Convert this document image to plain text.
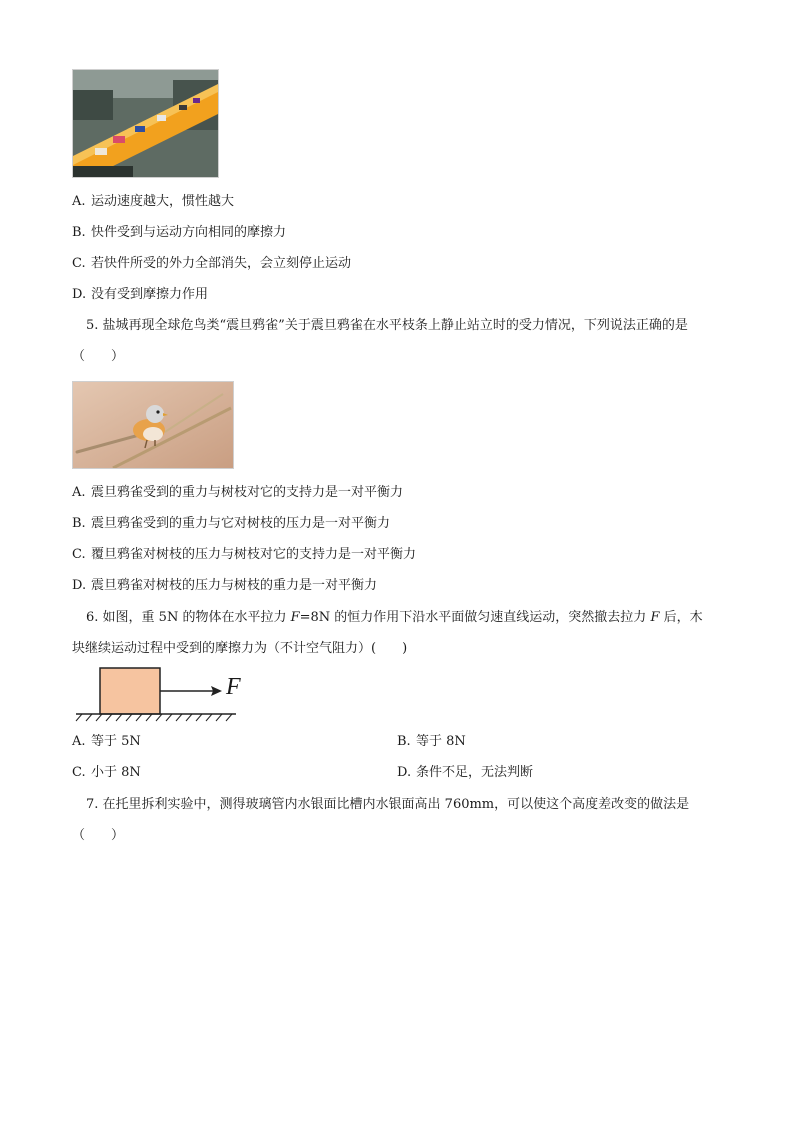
A. 运动速度越大，惯性越大
B. 快件受到与运动方向相同的摩擦力
C. 若快件所受的外力全部消失，会立刻停止运动
D. 没有受到摩擦力作用
5. 盐城再现全球危鸟类“震旦鸦雀”关于震旦鸦雀在水平枝条上静止站立时的受力情况，下列说法正确的是
（　　）
A. 震旦鸦雀受到的重力与树枝对它的支持力是一对平衡力
B. 震旦鸦雀受到的重力与它对树枝的压力是一对平衡力
C. 覆旦鸦雀对树枝的压力与树枝对它的支持力是一对平衡力
D. 震旦鸦雀对树枝的压力与树枝的重力是一对平衡力
6. 如图，重 5N 的物体在水平拉力 F=8N 的恒力作用下沿水平面做匀速直线运动，突然撤去拉力 F 后，木
块继续运动过程中受到的摩擦力为（不计空气阻力）(　　)
F
A. 等于 5N	B. 等于 8N
C. 小于 8N	D. 条件不足，无法判断
7. 在托里拆利实验中，测得玻璃管内水银面比槽内水银面高出 760mm，可以使这个高度差改变的做法是
（　　）
